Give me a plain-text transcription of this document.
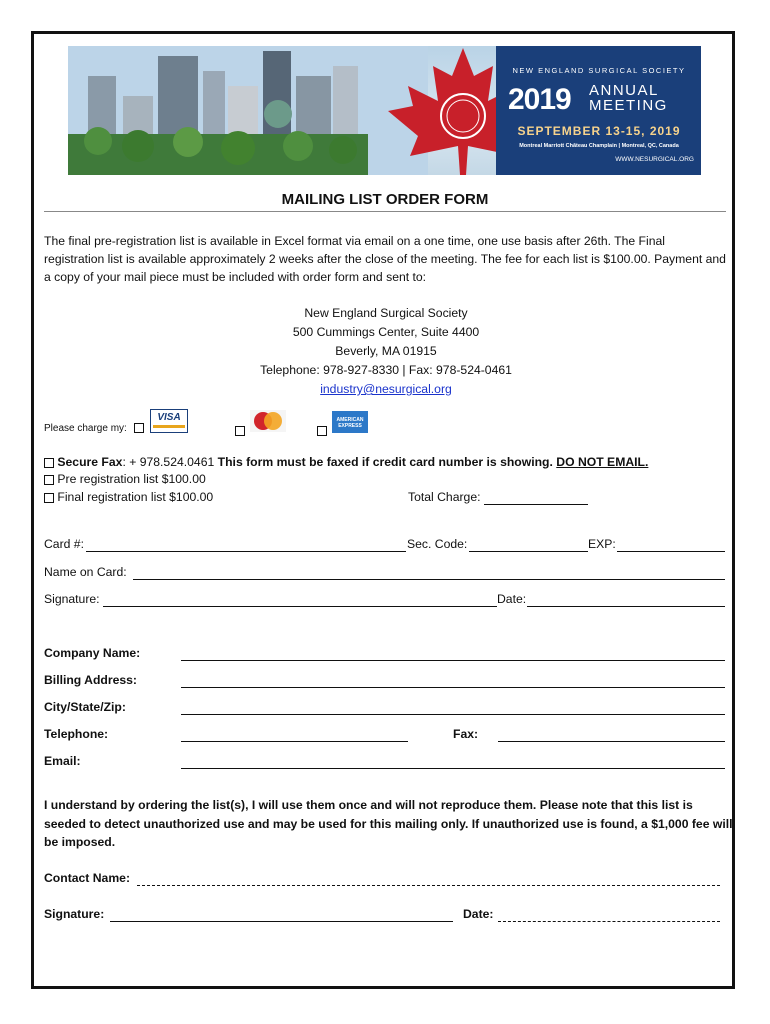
NEW ENGLAND SURGICAL SOCIETY
2019 ANNUAL
MEETING
SEPTEMBER 13-15, 2019
Montreal Marriott Château Champlain | Montreal, QC, Canada
WWW.NESURGICAL.ORG
MAILING LIST ORDER FORM
The final pre-registration list is available in Excel format via email on a one time, one use basis after 26th. The Final registration list is available approximately 2 weeks after the close of the meeting. The fee for each list is $100.00. Payment and a copy of your mail piece must be included with order form and sent to:
New England Surgical Society
500 Cummings Center, Suite 4400
Beverly, MA 01915
Telephone: 978-927-8330 | Fax: 978-524-0461
industry@nesurgical.org
Please charge my:
VISA	AMERICAN EXPRESS
Secure Fax: + 978.524.0461 This form must be faxed if credit card number is showing. DO NOT EMAIL.
Pre registration list $100.00
Final registration list $100.00	Total Charge:
Card #:	Sec. Code:	EXP:
Name on Card:
Signature:	Date:
Company Name:
Billing Address:
City/State/Zip:
Telephone:	Fax:
Email:
I understand by ordering the list(s), I will use them once and will not reproduce them. Please note that this list is seeded to detect unauthorized use and may be used for this mailing only. If unauthorized use is found, a $1,000 fee will be imposed.
Contact Name:
Signature:	Date:
